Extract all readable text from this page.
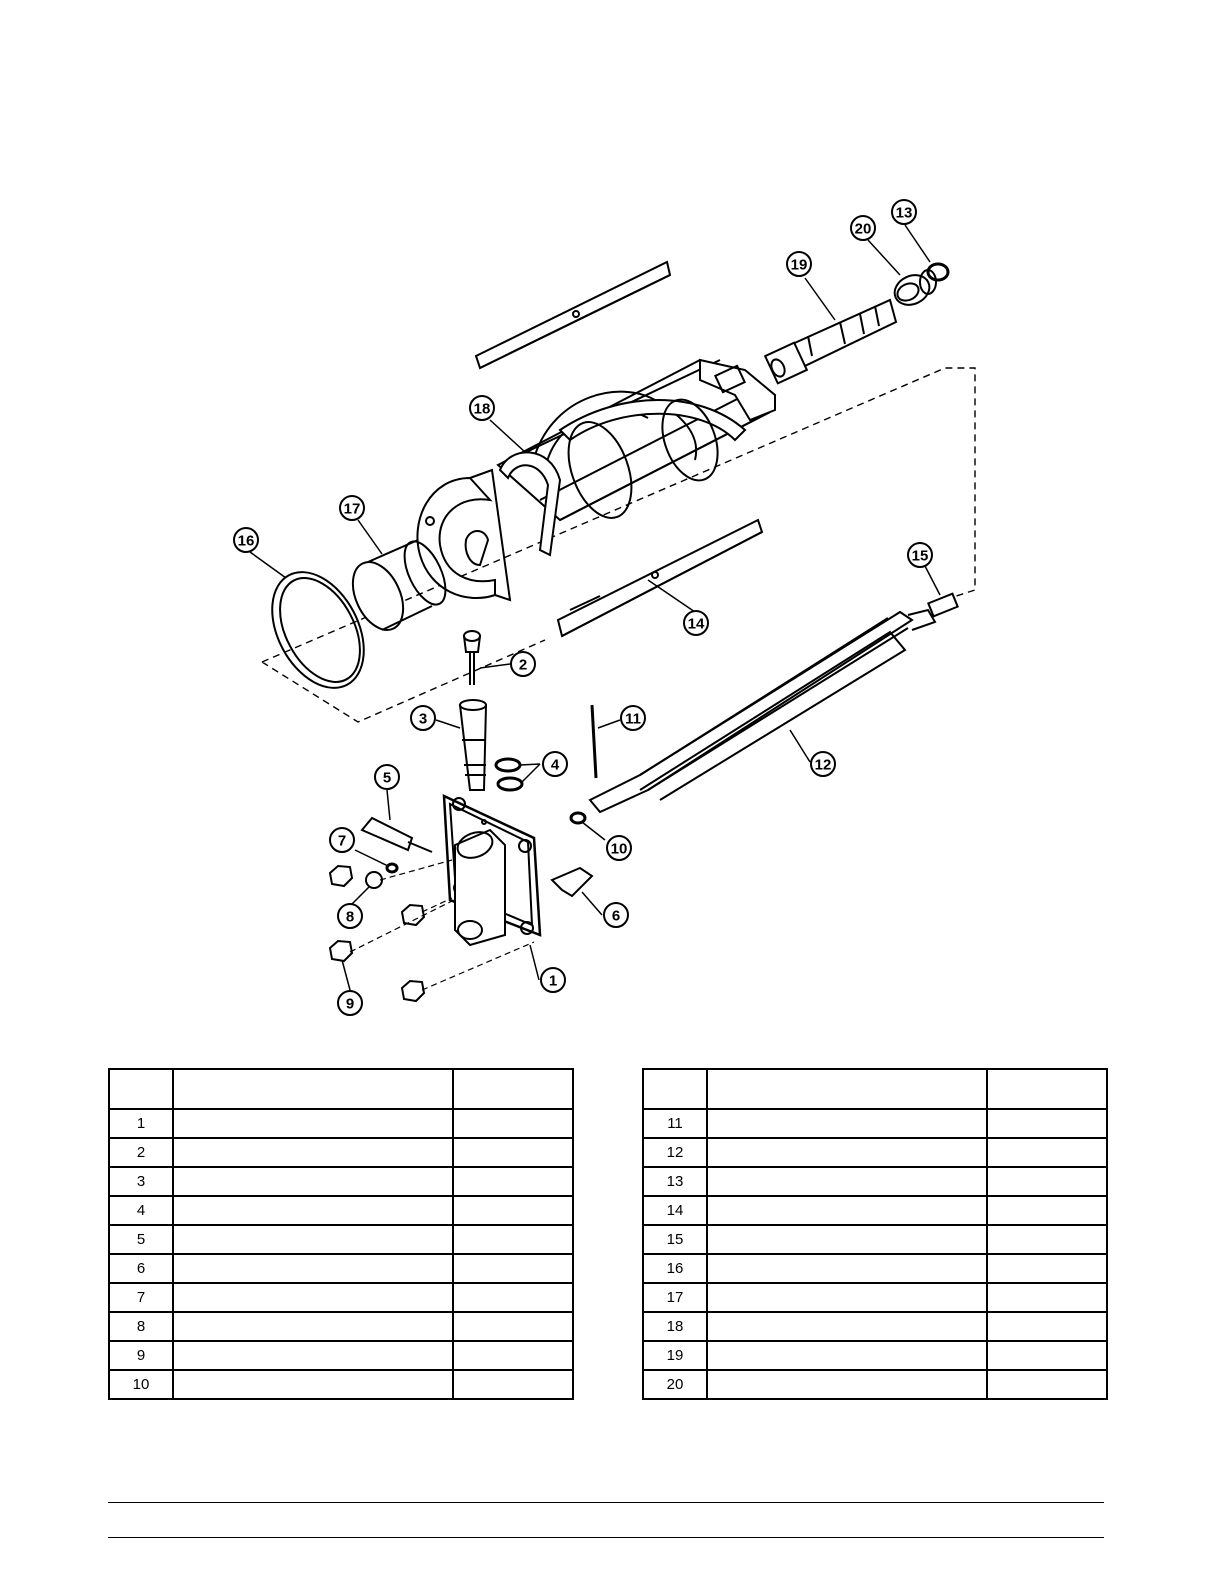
1
2
3
4
5
6
7
8
9
10
11
12
13
14
15
16
17
18
19
20

1		
2		
3		
4		
5		
6		
7		
8		
9		
10		

11		
12		
13		
14		
15		
16		
17		
18		
19		
20		
